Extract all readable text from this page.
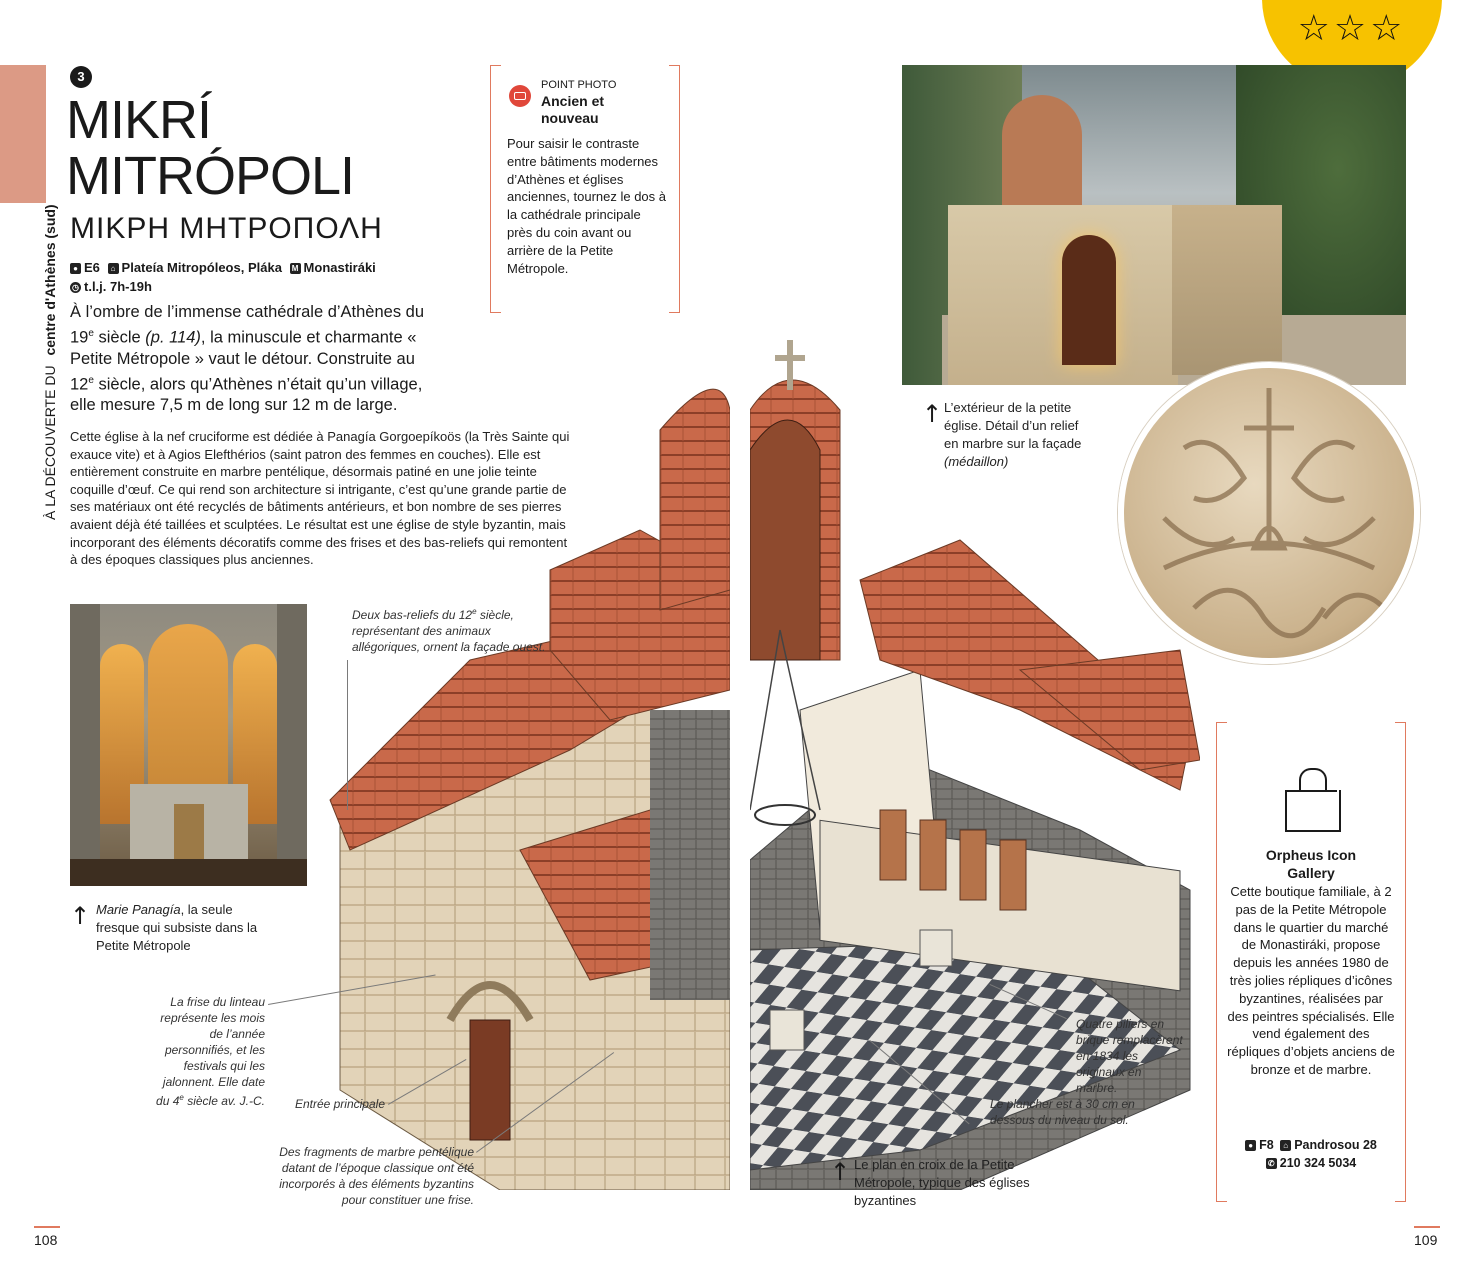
☆☆☆
À LA DÉCOUVERTE DU centre d'Athènes (sud)
3
MIKRÍ
MITRÓPOLI
ΜΙΚΡΗ ΜΗΤΡΟΠΟΛΗ
● E6 ⌂ Plateía Mitropóleos, Pláka M Monastiráki
◷ t.l.j. 7h-19h
À l’ombre de l’immense cathédrale d’Athènes du 19e siècle (p. 114), la minuscule et charmante « Petite Métropole » vaut le détour. Construite au 12e siècle, alors qu’Athènes n’était qu’un village, elle mesure 7,5 m de long sur 12 m de large.
Cette église à la nef cruciforme est dédiée à Panagía Gorgoepíkoös (la Très Sainte qui exauce vite) et à Agios Elefthérios (saint patron des femmes en couches). Elle est entièrement construite en marbre pentélique, désormais patiné en une jolie teinte coquille d’œuf. Ce qui rend son architecture si intrigante, c’est qu’une grande partie de ses matériaux ont été recyclés de bâtiments antérieurs, et bon nombre de ses pierres avaient déjà été taillées et sculptées. Le résultat est une église de style byzantin, mais incorporant des éléments décoratifs comme des frises et des bas-reliefs qui remontent à des époques classiques plus anciennes.
POINT PHOTO
Ancien et nouveau
Pour saisir le contraste entre bâtiments modernes d’Athènes et églises anciennes, tournez le dos à la cathédrale principale près du coin avant ou arrière de la Petite Métropole.
↑ L’extérieur de la petite église. Détail d’un relief en marbre sur la façade (médaillon)
↑ Marie Panagía, la seule fresque qui subsiste dans la Petite Métropole
Deux bas-reliefs du 12e siècle, représentant des animaux allégoriques, ornent la façade ouest.
La frise du linteau représente les mois de l’année personnifiés, et les festivals qui les jalonnent. Elle date du 4e siècle av. J.-C.	Entrée principale
Des fragments de marbre pentélique datant de l’époque classique ont été incorporés à des éléments byzantins pour constituer une frise.
Quatre piliers en brique remplacèrent en 1834 les originaux en marbre.
Le plancher est à 30 cm en dessous du niveau du sol.
↑ Le plan en croix de la Petite Métropole, typique des églises byzantines
Orpheus Icon Gallery
Cette boutique familiale, à 2 pas de la Petite Métropole dans le quartier du marché de Monastiráki, propose depuis les années 1980 de très jolies répliques d’icônes byzantines, réalisées par des peintres spécialisés. Elle vend également des répliques d’objets anciens de bronze et de marbre.
● F8 ⌂ Pandrosou 28
✆ 210 324 5034
108	109
